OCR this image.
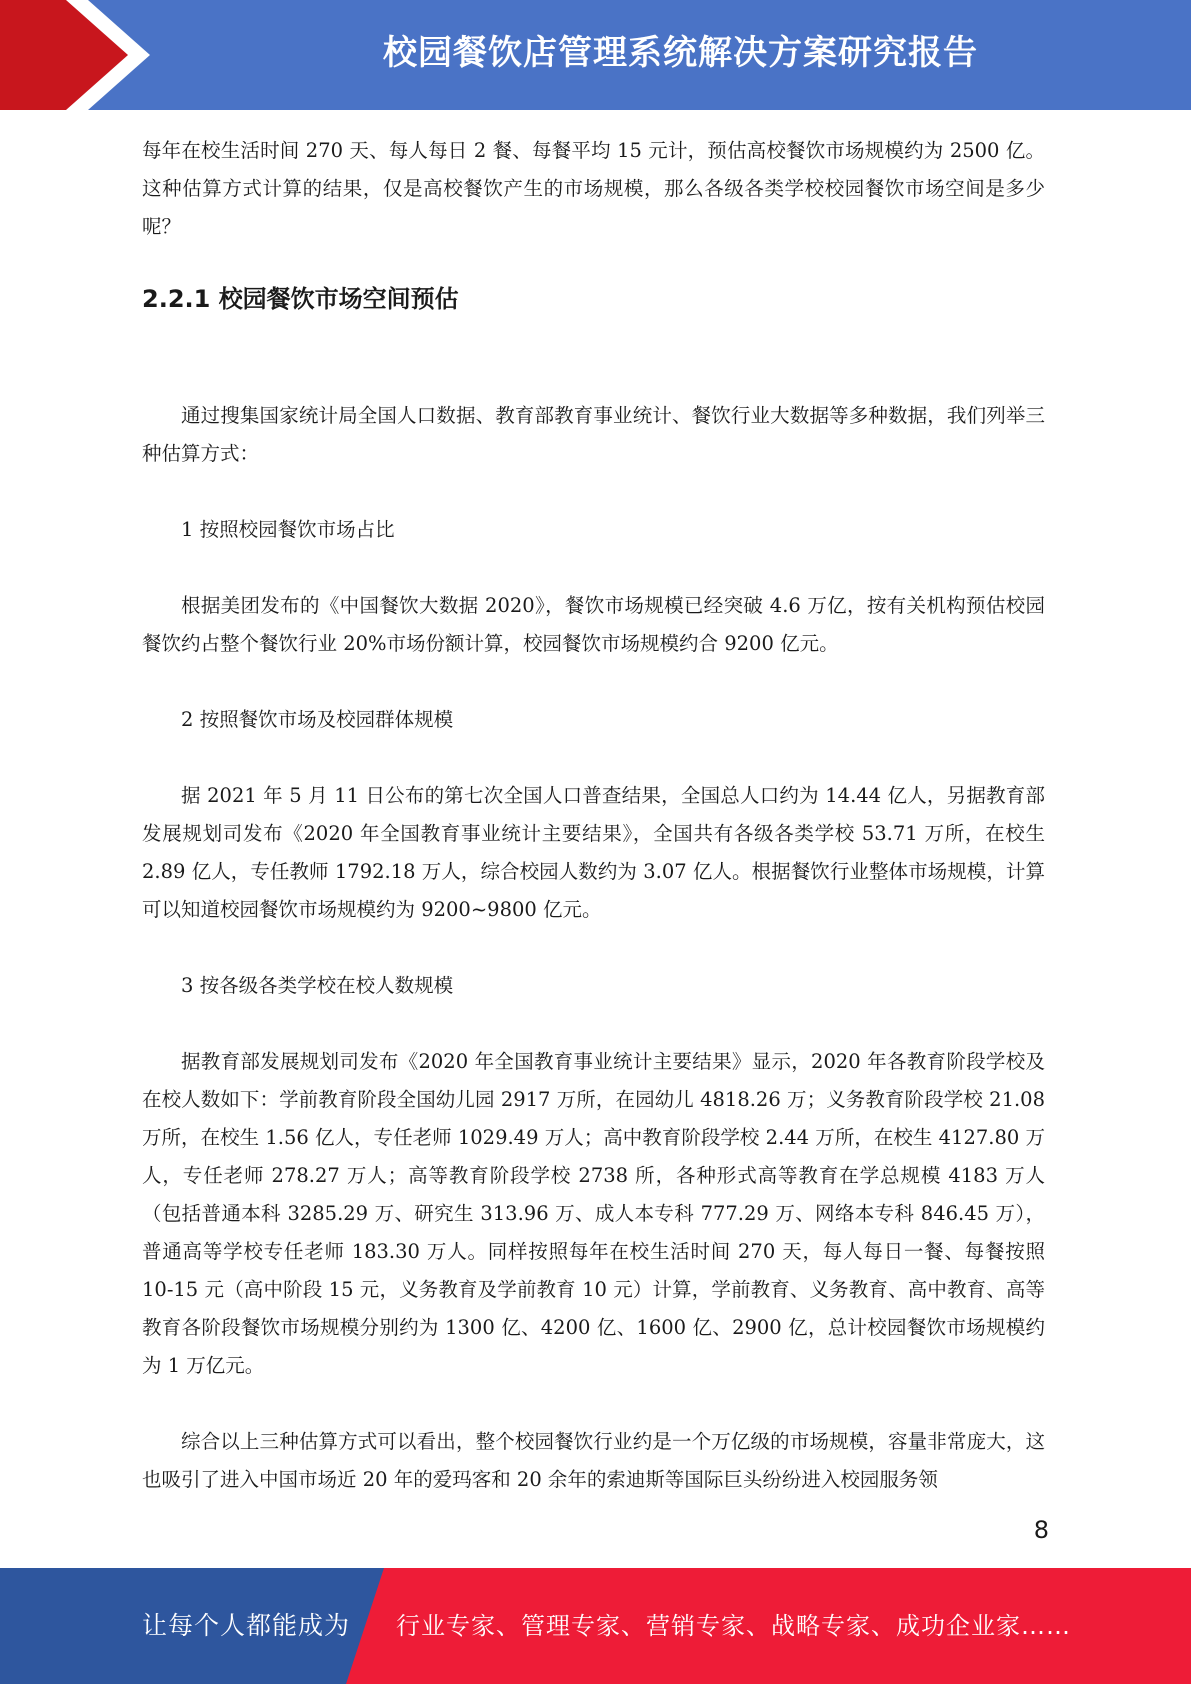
校园餐饮店管理系统解决方案研究报告

每年在校生活时间 270 天、每人每日 2 餐、每餐平均 15 元计，预估高校餐饮市场规模约为 2500 亿。这种估算方式计算的结果，仅是高校餐饮产生的市场规模，那么各级各类学校校园餐饮市场空间是多少呢？

2.2.1 校园餐饮市场空间预估

通过搜集国家统计局全国人口数据、教育部教育事业统计、餐饮行业大数据等多种数据，我们列举三种估算方式：

1 按照校园餐饮市场占比

根据美团发布的《中国餐饮大数据 2020》，餐饮市场规模已经突破 4.6 万亿，按有关机构预估校园餐饮约占整个餐饮行业 20%市场份额计算，校园餐饮市场规模约合 9200 亿元。

2 按照餐饮市场及校园群体规模

据 2021 年 5 月 11 日公布的第七次全国人口普查结果，全国总人口约为 14.44 亿人，另据教育部发展规划司发布《2020 年全国教育事业统计主要结果》，全国共有各级各类学校 53.71 万所，在校生 2.89 亿人，专任教师 1792.18 万人，综合校园人数约为 3.07 亿人。根据餐饮行业整体市场规模，计算可以知道校园餐饮市场规模约为 9200~9800 亿元。

3 按各级各类学校在校人数规模

据教育部发展规划司发布《2020 年全国教育事业统计主要结果》显示，2020 年各教育阶段学校及在校人数如下：学前教育阶段全国幼儿园 2917 万所，在园幼儿 4818.26 万；义务教育阶段学校 21.08 万所，在校生 1.56 亿人，专任老师 1029.49 万人；高中教育阶段学校 2.44 万所，在校生 4127.80 万人，专任老师 278.27 万人；高等教育阶段学校 2738 所，各种形式高等教育在学总规模 4183 万人（包括普通本科 3285.29 万、研究生 313.96 万、成人本专科 777.29 万、网络本专科 846.45 万），普通高等学校专任老师 183.30 万人。同样按照每年在校生活时间 270 天，每人每日一餐、每餐按照 10-15 元（高中阶段 15 元，义务教育及学前教育 10 元）计算，学前教育、义务教育、高中教育、高等教育各阶段餐饮市场规模分别约为 1300 亿、4200 亿、1600 亿、2900 亿，总计校园餐饮市场规模约为 1 万亿元。

综合以上三种估算方式可以看出，整个校园餐饮行业约是一个万亿级的市场规模，容量非常庞大，这也吸引了进入中国市场近 20 年的爱玛客和 20 余年的索迪斯等国际巨头纷纷进入校园服务领

8
让每个人都能成为 行业专家、管理专家、营销专家、战略专家、成功企业家……
